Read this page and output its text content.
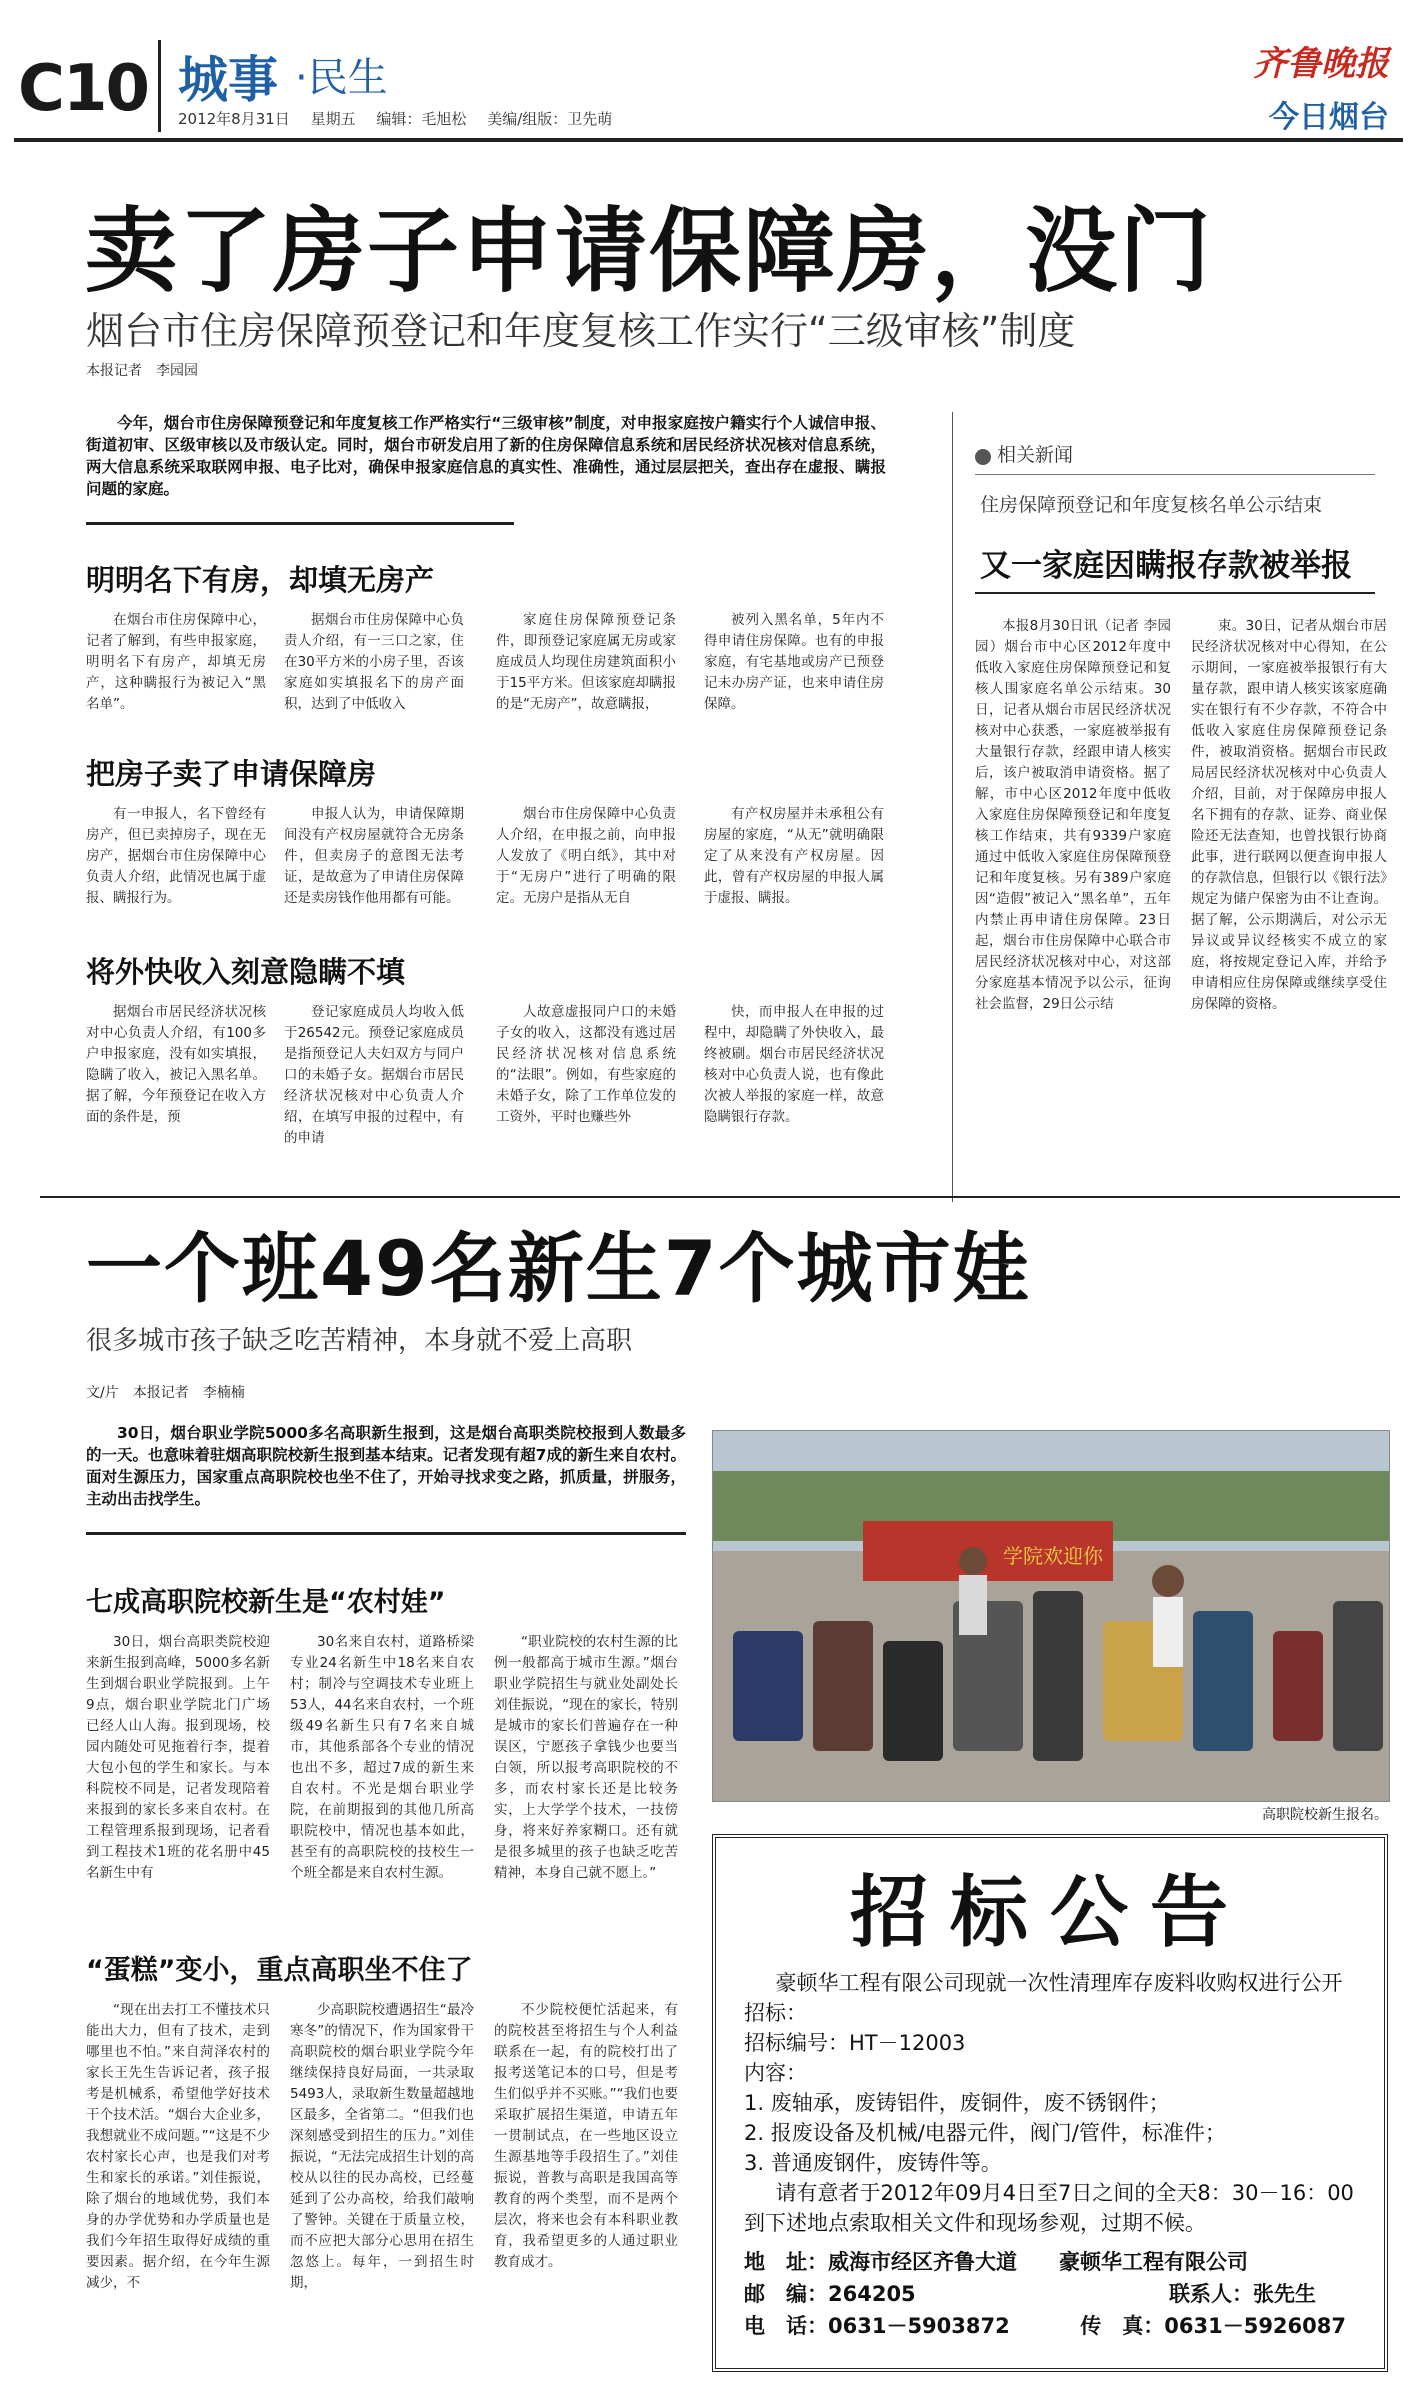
C10 城事 ·民生
2012年8月31日 星期五 编辑：毛旭松 美编/组版：卫先萌
齐鲁晚报
今日烟台
卖了房子申请保障房，没门
烟台市住房保障预登记和年度复核工作实行“三级审核”制度
本报记者　李园园
今年，烟台市住房保障预登记和年度复核工作严格实行“三级审核”制度，对申报家庭按户籍实行个人诚信申报、街道初审、区级审核以及市级认定。同时，烟台市研发启用了新的住房保障信息系统和居民经济状况核对信息系统，两大信息系统采取联网申报、电子比对，确保申报家庭信息的真实性、准确性，通过层层把关，查出存在虚报、瞒报问题的家庭。
明明名下有房，却填无房产
在烟台市住房保障中心，记者了解到，有些申报家庭，明明名下有房产，却填无房产，这种瞒报行为被记入“黑名单”。
据烟台市住房保障中心负责人介绍，有一三口之家，住在30平方米的小房子里，否该家庭如实填报名下的房产面积，达到了中低收入
家庭住房保障预登记条件，即预登记家庭属无房或家庭成员人均现住房建筑面积小于15平方米。但该家庭却瞒报的是“无房产”，故意瞒报，
被列入黑名单，5年内不得申请住房保障。也有的申报家庭，有宅基地或房产已预登记未办房产证，也来申请住房保障。
把房子卖了申请保障房
有一申报人，名下曾经有房产，但已卖掉房子，现在无房产，据烟台市住房保障中心负责人介绍，此情况也属于虚报、瞒报行为。
申报人认为，申请保障期间没有产权房屋就符合无房条件，但卖房子的意图无法考证，是故意为了申请住房保障还是卖房钱作他用都有可能。
烟台市住房保障中心负责人介绍，在申报之前，向申报人发放了《明白纸》，其中对于“无房户”进行了明确的限定。无房户是指从无自
有产权房屋并未承租公有房屋的家庭，“从无”就明确限定了从来没有产权房屋。因此，曾有产权房屋的申报人属于虚报、瞒报。
将外快收入刻意隐瞒不填
据烟台市居民经济状况核对中心负责人介绍，有100多户申报家庭，没有如实填报，隐瞒了收入，被记入黑名单。据了解，今年预登记在收入方面的条件是，预
登记家庭成员人均收入低于26542元。预登记家庭成员是指预登记人夫妇双方与同户口的未婚子女。据烟台市居民经济状况核对中心负责人介绍，在填写申报的过程中，有的申请
人故意虚报同户口的未婚子女的收入，这都没有逃过居民经济状况核对信息系统的“法眼”。例如，有些家庭的未婚子女，除了工作单位发的工资外，平时也赚些外
快，而申报人在申报的过程中，却隐瞒了外快收入，最终被刷。烟台市居民经济状况核对中心负责人说，也有像此次被人举报的家庭一样，故意隐瞒银行存款。
相关新闻
住房保障预登记和年度复核名单公示结束
又一家庭因瞒报存款被举报
本报8月30日讯（记者 李园园）烟台市中心区2012年度中低收入家庭住房保障预登记和复核人围家庭名单公示结束。30日，记者从烟台市居民经济状况核对中心获悉，一家庭被举报有大量银行存款，经跟申请人核实后，该户被取消申请资格。据了解，市中心区2012年度中低收入家庭住房保障预登记和年度复核工作结束，共有9339户家庭通过中低收入家庭住房保障预登记和年度复核。另有389户家庭因“造假”被记入“黑名单”，五年内禁止再申请住房保障。23日起，烟台市住房保障中心联合市居民经济状况核对中心，对这部分家庭基本情况予以公示，征询社会监督，29日公示结
束。30日，记者从烟台市居民经济状况核对中心得知，在公示期间，一家庭被举报银行有大量存款，跟申请人核实该家庭确实在银行有不少存款，不符合中低收入家庭住房保障预登记条件，被取消资格。据烟台市民政局居民经济状况核对中心负责人介绍，目前，对于保障房申报人名下拥有的存款、证券、商业保险还无法查知，也曾找银行协商此事，进行联网以便查询申报人的存款信息，但银行以《银行法》规定为储户保密为由不让查询。据了解，公示期满后，对公示无异议或异议经核实不成立的家庭，将按规定登记入库，并给予申请相应住房保障或继续享受住房保障的资格。
一个班49名新生7个城市娃
很多城市孩子缺乏吃苦精神，本身就不爱上高职
文/片　本报记者　李楠楠
30日，烟台职业学院5000多名高职新生报到，这是烟台高职类院校报到人数最多的一天。也意味着驻烟高职院校新生报到基本结束。记者发现有超7成的新生来自农村。面对生源压力，国家重点高职院校也坐不住了，开始寻找求变之路，抓质量，拼服务，主动出击找学生。
学院欢迎你
高职院校新生报名。
七成高职院校新生是“农村娃”
30日，烟台高职类院校迎来新生报到高峰，5000多名新生到烟台职业学院报到。上午9点，烟台职业学院北门广场已经人山人海。报到现场，校园内随处可见拖着行李，提着大包小包的学生和家长。与本科院校不同是，记者发现陪着来报到的家长多来自农村。在工程管理系报到现场，记者看到工程技术1班的花名册中45名新生中有
30名来自农村，道路桥梁专业24名新生中18名来自农村；制冷与空调技术专业班上53人，44名来自农村，一个班级49名新生只有7名来自城市，其他系部各个专业的情况也出不多，超过7成的新生来自农村。不光是烟台职业学院，在前期报到的其他几所高职院校中，情况也基本如此，甚至有的高职院校的技校生一个班全都是来自农村生源。
“职业院校的农村生源的比例一般都高于城市生源。”烟台职业学院招生与就业处副处长刘佳振说，“现在的家长，特别是城市的家长们普遍存在一种误区，宁愿孩子拿钱少也要当白领，所以报考高职院校的不多，而农村家长还是比较务实，上大学学个技术，一技傍身，将来好养家糊口。还有就是很多城里的孩子也缺乏吃苦精神，本身自己就不愿上。”
“蛋糕”变小，重点高职坐不住了
“现在出去打工不懂技术只能出大力，但有了技术，走到哪里也不怕。”来自菏泽农村的家长王先生告诉记者，孩子报考是机械系，希望他学好技术干个技术活。“烟台大企业多，我想就业不成问题。”“这是不少农村家长心声，也是我们对考生和家长的承诺。”刘佳振说，除了烟台的地域优势，我们本身的办学优势和办学质量也是我们今年招生取得好成绩的重要因素。据介绍，在今年生源减少，不
少高职院校遭遇招生“最冷寒冬”的情况下，作为国家骨干高职院校的烟台职业学院今年继续保持良好局面，一共录取5493人，录取新生数量超越地区最多，全省第二。“但我们也深刻感受到招生的压力。”刘佳振说，“无法完成招生计划的高校从以往的民办高校，已经蔓延到了公办高校，给我们敲响了警钟。关键在于质量立校，而不应把大部分心思用在招生忽悠上。每年，一到招生时期，
不少院校便忙活起来，有的院校甚至将招生与个人利益联系在一起，有的院校打出了报考送笔记本的口号，但是考生们似乎并不买账。”“我们也要采取扩展招生渠道，申请五年一贯制试点，在一些地区设立生源基地等手段招生了。”刘佳振说，普教与高职是我国高等教育的两个类型，而不是两个层次，将来也会有本科职业教育，我希望更多的人通过职业教育成才。
招标公告
豪顿华工程有限公司现就一次性清理库存废料收购权进行公开招标：
招标编号：HT－12003
内容：
1. 废轴承，废铸铝件，废铜件，废不锈钢件；
2. 报废设备及机械/电器元件，阀门/管件，标准件；
3. 普通废钢件，废铸件等。
请有意者于2012年09月4日至7日之间的全天8：30－16：00到下述地点索取相关文件和现场参观，过期不候。
地　址：威海市经区齐鲁大道　　豪顿华工程有限公司
邮　编：264205	联系人：张先生
电　话：0631－5903872	传　真：0631－5926087
